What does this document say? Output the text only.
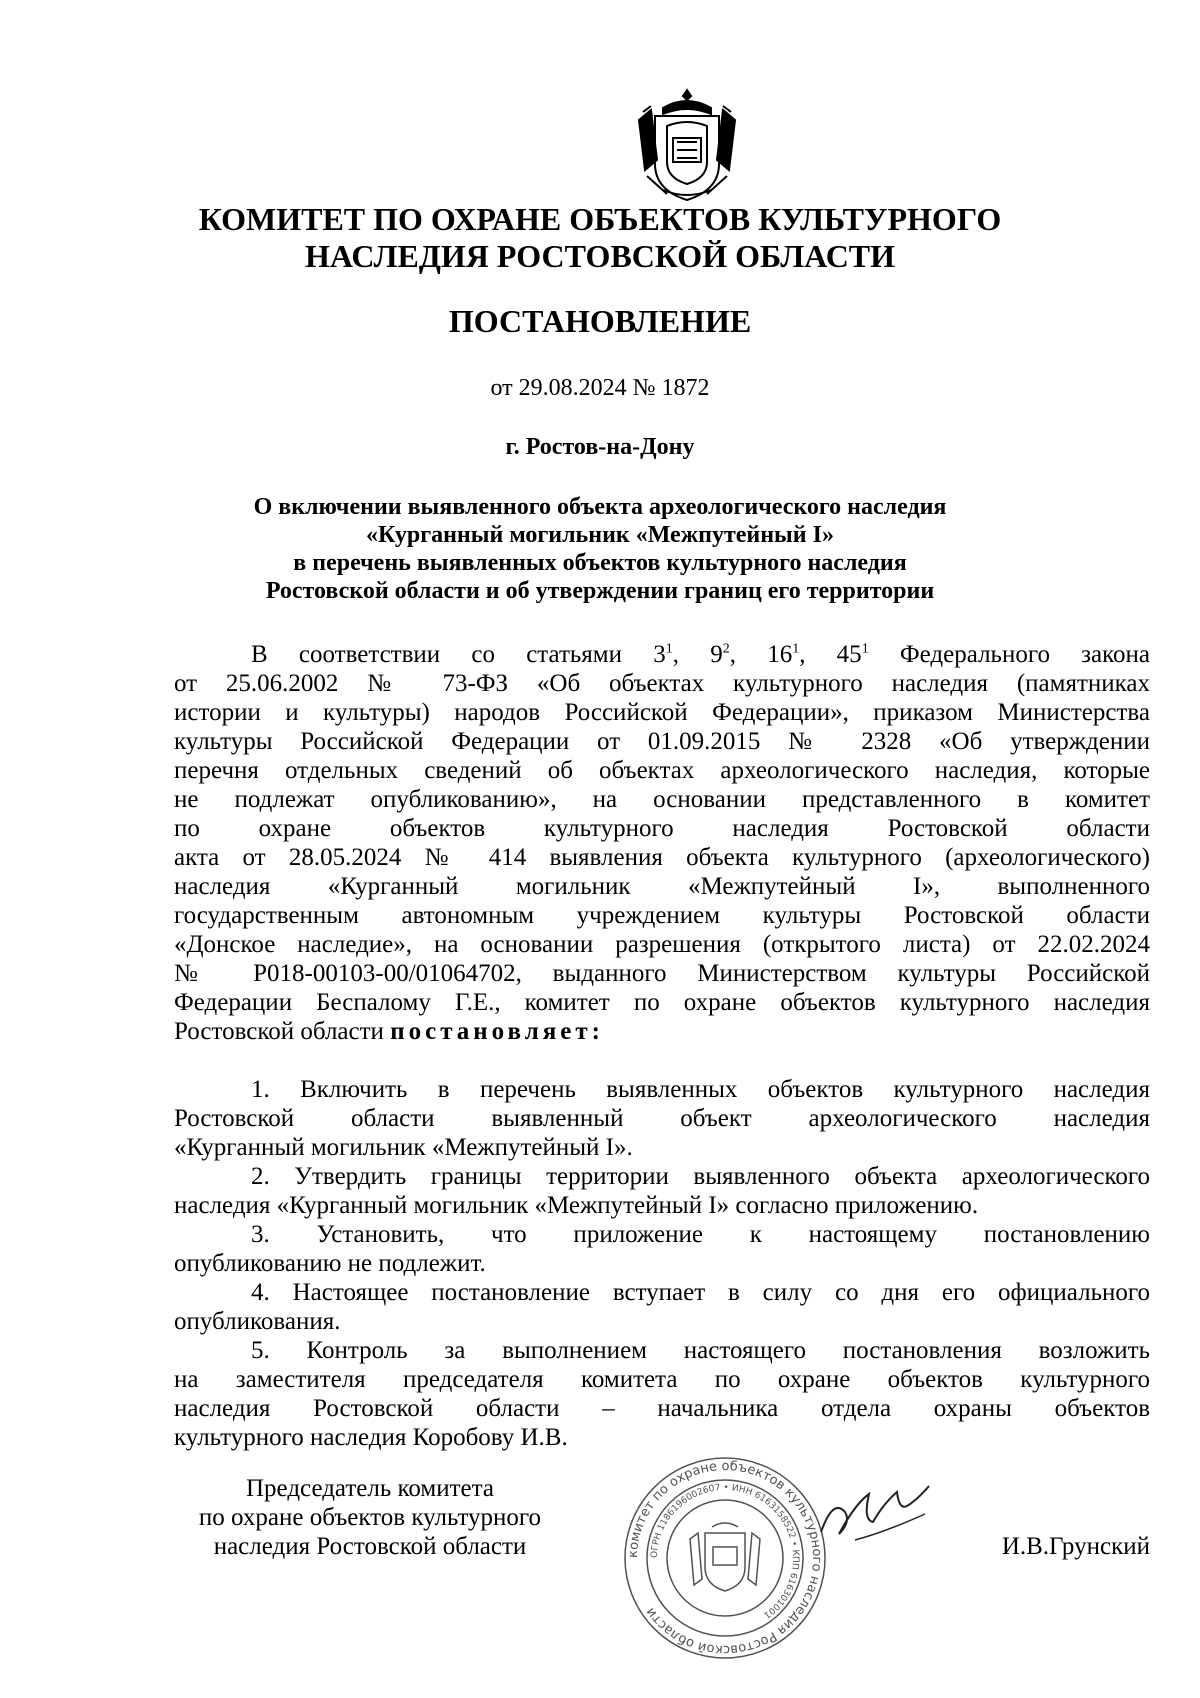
КОМИТЕТ ПО ОХРАНЕ ОБЪЕКТОВ КУЛЬТУРНОГО
НАСЛЕДИЯ РОСТОВСКОЙ ОБЛАСТИ
ПОСТАНОВЛЕНИЕ
от 29.08.2024 № 1872
г. Ростов-на-Дону
О включении выявленного объекта археологического наследия
«Курганный могильник «Межпутейный I»
в перечень выявленных объектов культурного наследия
Ростовской области и об утверждении границ его территории
В соответствии со статьями $3^1$, $9^2$, $16^1$, $45^1$ Федерального закона
от 25.06.2002 № 73-ФЗ «Об объектах культурного наследия (памятниках
истории и культуры) народов Российской Федерации», приказом Министерства
культуры Российской Федерации от 01.09.2015 № 2328 «Об утверждении
перечня отдельных сведений об объектах археологического наследия, которые
не подлежат опубликованию», на основании представленного в комитет
по охране объектов культурного наследия Ростовской области
акта от 28.05.2024 № 414 выявления объекта культурного (археологического)
наследия «Курганный могильник «Межпутейный I», выполненного
государственным автономным учреждением культуры Ростовской области
«Донское наследие», на основании разрешения (открытого листа) от 22.02.2024
№ Р018-00103-00/01064702, выданного Министерством культуры Российской
Федерации Беспалому Г.Е., комитет по охране объектов культурного наследия
Ростовской области постановляет:
1. Включить в перечень выявленных объектов культурного наследия
Ростовской области выявленный объект археологического наследия
«Курганный могильник «Межпутейный I».
2. Утвердить границы территории выявленного объекта археологического
наследия «Курганный могильник «Межпутейный I» согласно приложению.
3. Установить, что приложение к настоящему постановлению
опубликованию не подлежит.
4. Настоящее постановление вступает в силу со дня его официального
опубликования.
5. Контроль за выполнением настоящего постановления возложить
на заместителя председателя комитета по охране объектов культурного
наследия Ростовской области – начальника отдела охраны объектов
культурного наследия Коробову И.В.
Председатель комитета
по охране объектов культурного
наследия Ростовской области	И.В.Грунский
комитет по охране объектов культурного наследия Ростовской области
ОГРН 1186196002607 • ИНН 6163158522 • КПП 616301001
